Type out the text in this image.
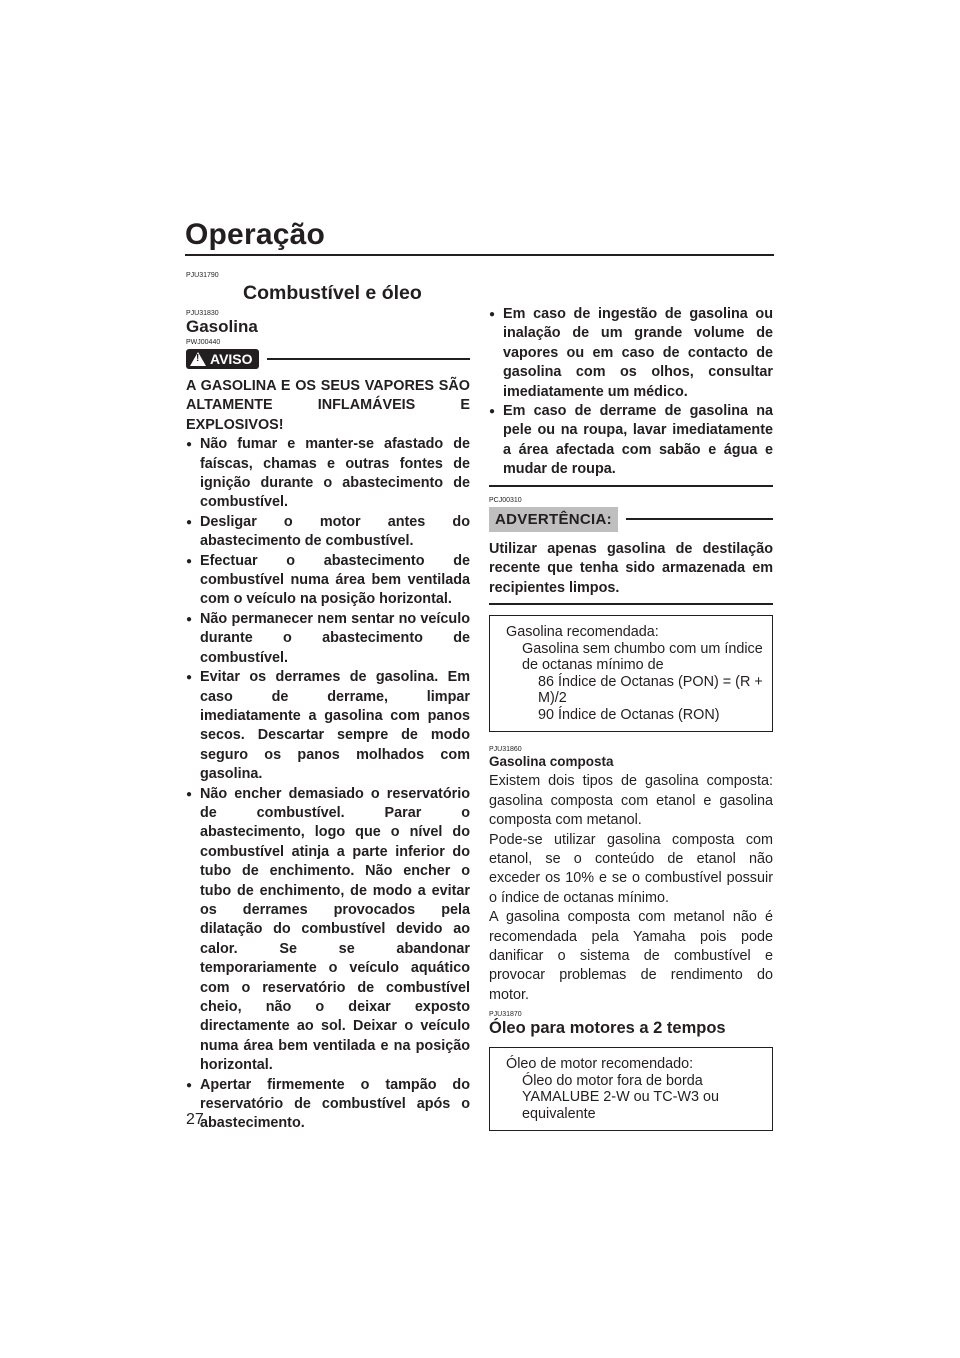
Operação
PJU31790
Combustível e óleo
PJU31830
Gasolina
PWJ00440
!
AVISO

A GASOLINA E OS SEUS VAPORES SÃO ALTAMENTE INFLAMÁVEIS E EXPLOSIVOS!

● Não fumar e manter-se afastado de faíscas, chamas e outras fontes de ignição durante o abastecimento de combustível.
● Desligar o motor antes do abastecimento de combustível.
● Efectuar o abastecimento de combustível numa área bem ventilada com o veículo na posição horizontal.
● Não permanecer nem sentar no veículo durante o abastecimento de combustível.
● Evitar os derrames de gasolina. Em caso de derrame, limpar imediatamente a gasolina com panos secos. Descartar sempre de modo seguro os panos molhados com gasolina.
● Não encher demasiado o reservatório de combustível. Parar o abastecimento, logo que o nível do combustível atinja a parte inferior do tubo de enchimento. Não encher o tubo de enchimento, de modo a evitar os derrames provocados pela dilatação do combustível devido ao calor. Se se abandonar temporariamente o veículo aquático com o reservatório de combustível cheio, não o deixar exposto directamente ao sol. Deixar o veículo numa área bem ventilada e na posição horizontal.
● Apertar firmemente o tampão do reservatório de combustível após o abastecimento.
● Em caso de ingestão de gasolina ou inalação de um grande volume de vapores ou em caso de contacto de gasolina com os olhos, consultar imediatamente um médico.
● Em caso de derrame de gasolina na pele ou na roupa, lavar imediatamente a área afectada com sabão e água e mudar de roupa.
PCJ00310
ADVERTÊNCIA:

Utilizar apenas gasolina de destilação recente que tenha sido armazenada em recipientes limpos.

Gasolina recomendada:
Gasolina sem chumbo com um índice de octanas mínimo de
86 Índice de Octanas (PON) = (R + M)/2
90 Índice de Octanas (RON)
PJU31860
Gasolina composta

Existem dois tipos de gasolina composta: gasolina composta com etanol e gasolina composta com metanol.

Pode-se utilizar gasolina composta com etanol, se o conteúdo de etanol não exceder os 10% e se o combustível possuir o índice de octanas mínimo.

A gasolina composta com metanol não é recomendada pela Yamaha pois pode danificar o sistema de combustível e provocar problemas de rendimento do motor.

PJU31870
Óleo para motores a 2 tempos
Óleo de motor recomendado:
Óleo do motor fora de borda
YAMALUBE 2-W ou TC-W3 ou equivalente
27
